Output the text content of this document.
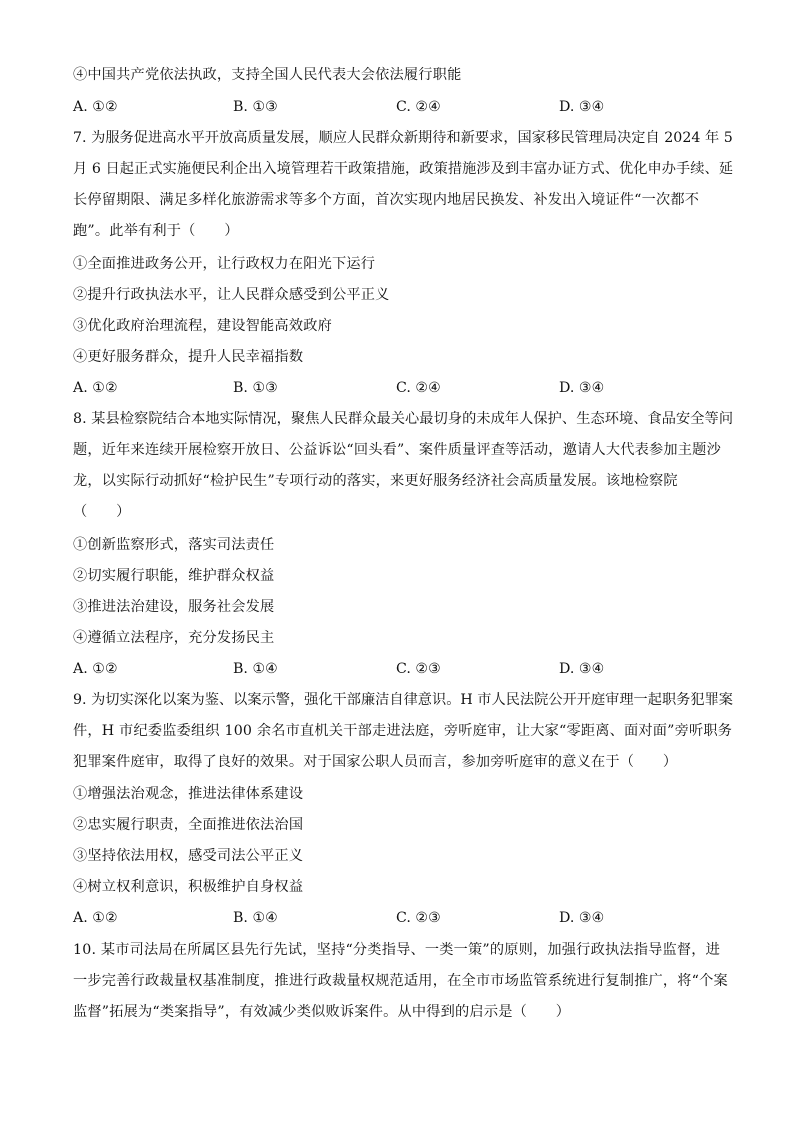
④中国共产党依法执政，支持全国人民代表大会依法履行职能
A. ①②	B. ①③	C. ②④	D. ③④
7. 为服务促进高水平开放高质量发展，顺应人民群众新期待和新要求，国家移民管理局决定自 2024 年 5
月 6 日起正式实施便民利企出入境管理若干政策措施，政策措施涉及到丰富办证方式、优化申办手续、延
长停留期限、满足多样化旅游需求等多个方面，首次实现内地居民换发、补发出入境证件“一次都不
跑”。此举有利于（　　）
①全面推进政务公开，让行政权力在阳光下运行
②提升行政执法水平，让人民群众感受到公平正义
③优化政府治理流程，建设智能高效政府
④更好服务群众，提升人民幸福指数
A. ①②	B. ①③	C. ②④	D. ③④
8. 某县检察院结合本地实际情况，聚焦人民群众最关心最切身的未成年人保护、生态环境、食品安全等问
题，近年来连续开展检察开放日、公益诉讼“回头看”、案件质量评查等活动，邀请人大代表参加主题沙
龙，以实际行动抓好“检护民生”专项行动的落实，来更好服务经济社会高质量发展。该地检察院
（　　）
①创新监察形式，落实司法责任
②切实履行职能，维护群众权益
③推进法治建设，服务社会发展
④遵循立法程序，充分发扬民主
A. ①②	B. ①④	C. ②③	D. ③④
9. 为切实深化以案为鉴、以案示警，强化干部廉洁自律意识。H 市人民法院公开开庭审理一起职务犯罪案
件，H 市纪委监委组织 100 余名市直机关干部走进法庭，旁听庭审，让大家“零距离、面对面”旁听职务
犯罪案件庭审，取得了良好的效果。对于国家公职人员而言，参加旁听庭审的意义在于（　　）
①增强法治观念，推进法律体系建设
②忠实履行职责，全面推进依法治国
③坚持依法用权，感受司法公平正义
④树立权利意识，积极维护自身权益
A. ①②	B. ①④	C. ②③	D. ③④
10. 某市司法局在所属区县先行先试，坚持“分类指导、一类一策”的原则，加强行政执法指导监督，进
一步完善行政裁量权基准制度，推进行政裁量权规范适用，在全市市场监管系统进行复制推广，将“个案
监督”拓展为“类案指导”，有效减少类似败诉案件。从中得到的启示是（　　）
